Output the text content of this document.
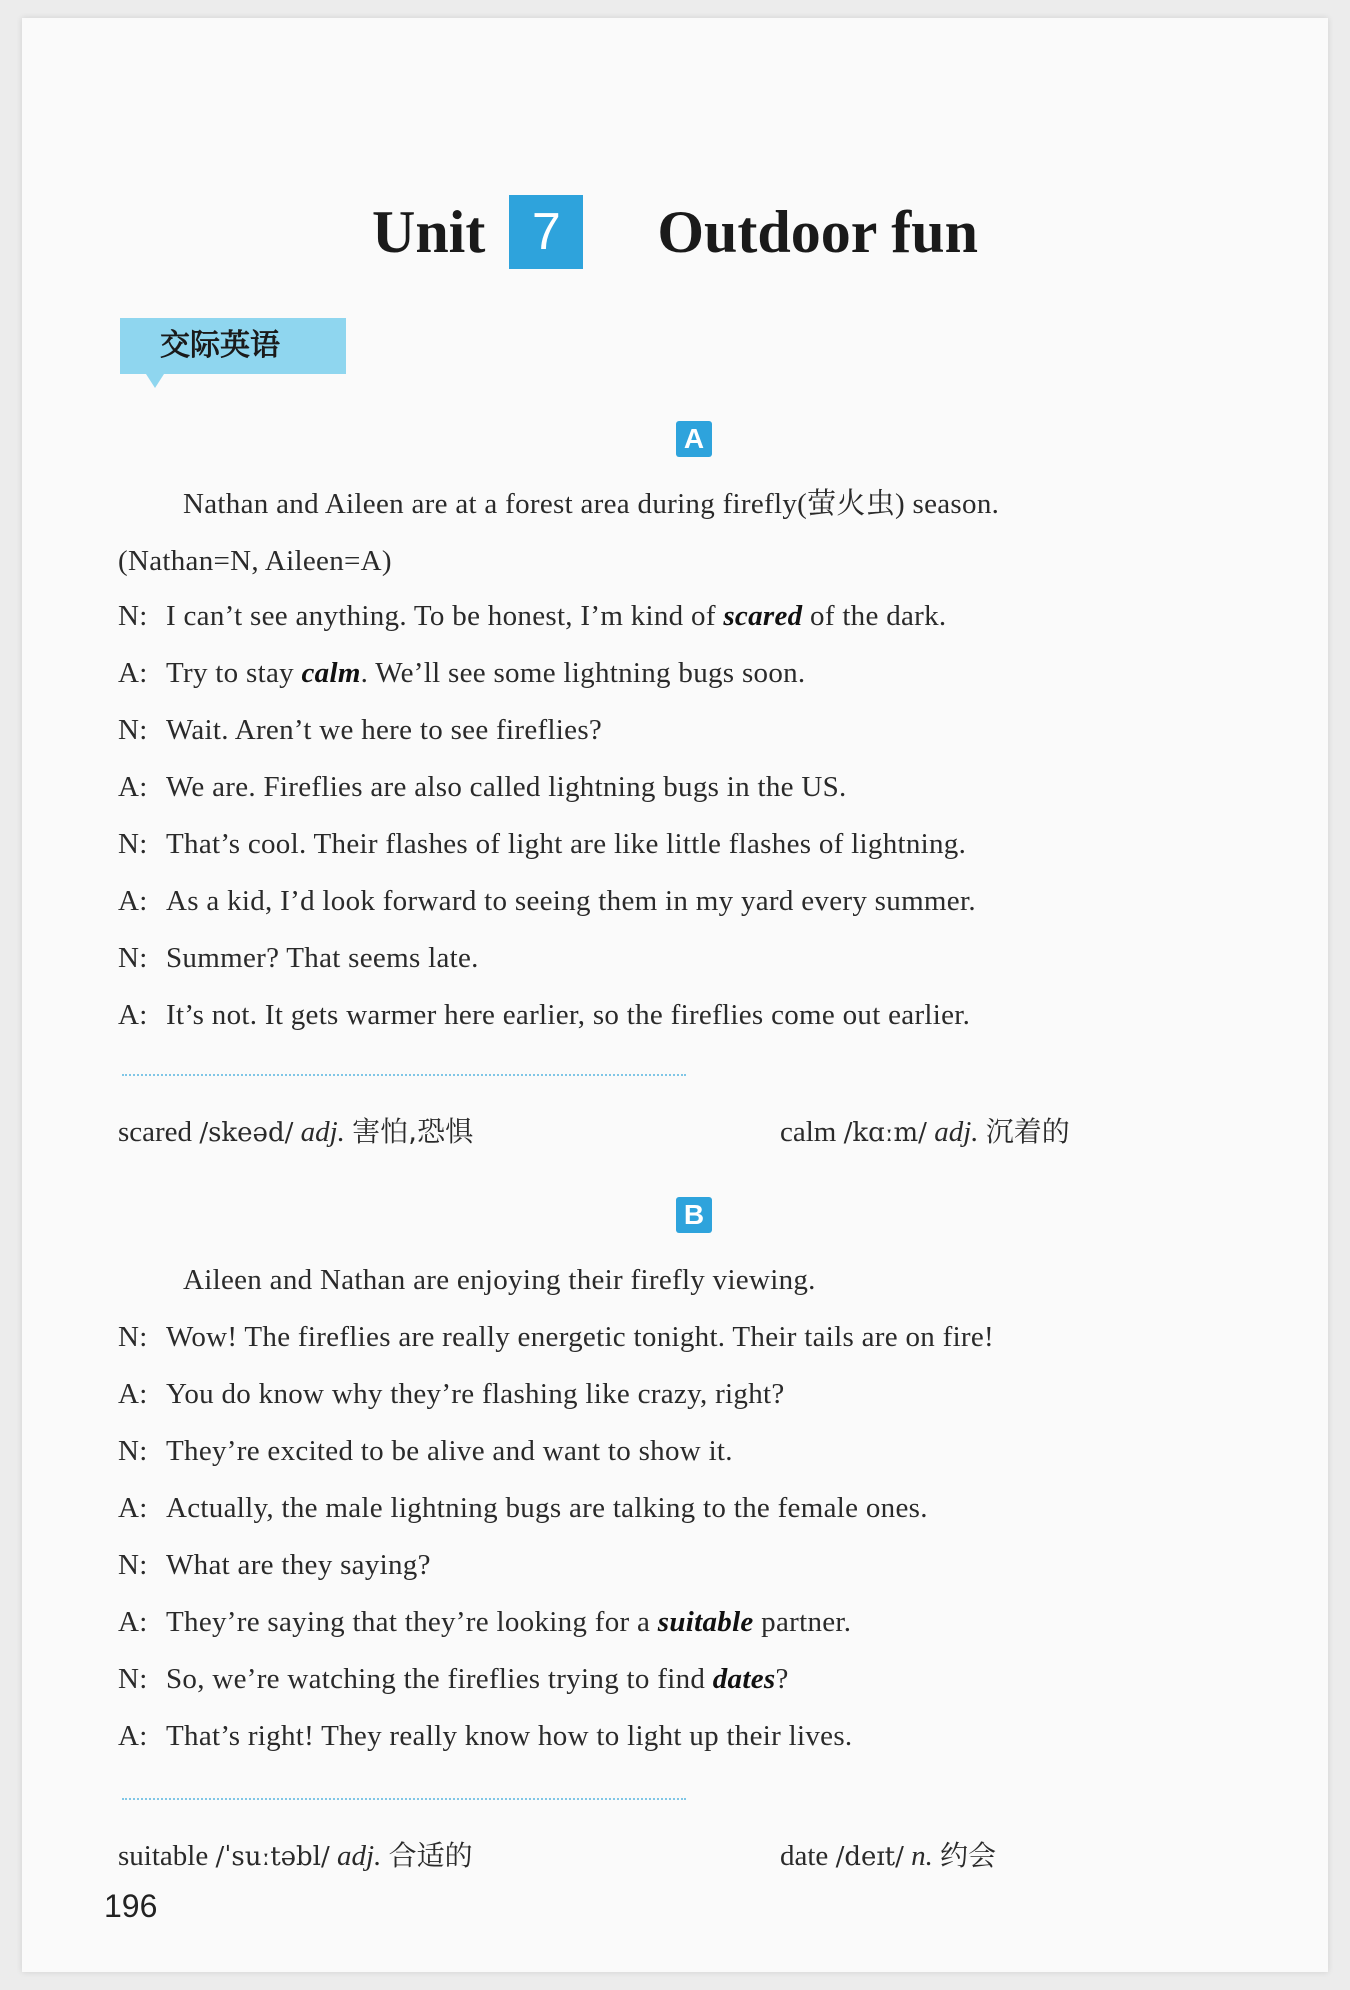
Unit 7	Outdoor fun
交际英语
A
Nathan and Aileen are at a forest area during firefly(萤火虫) season.
(Nathan=N, Aileen=A)
N: I can’t see anything. To be honest, I’m kind of scared of the dark.
A: Try to stay calm. We’ll see some lightning bugs soon.
N: Wait. Aren’t we here to see fireflies?
A: We are. Fireflies are also called lightning bugs in the US.
N: That’s cool. Their flashes of light are like little flashes of lightning.
A: As a kid, I’d look forward to seeing them in my yard every summer.
N: Summer? That seems late.
A: It’s not. It gets warmer here earlier, so the fireflies come out earlier.
scared /skeəd/ adj. 害怕,恐惧	calm /kɑːm/ adj. 沉着的
B
Aileen and Nathan are enjoying their firefly viewing.
N: Wow! The fireflies are really energetic tonight. Their tails are on fire!
A: You do know why they’re flashing like crazy, right?
N: They’re excited to be alive and want to show it.
A: Actually, the male lightning bugs are talking to the female ones.
N: What are they saying?
A: They’re saying that they’re looking for a suitable partner.
N: So, we’re watching the fireflies trying to find dates?
A: That’s right! They really know how to light up their lives.
suitable /ˈsuːtəbl/ adj. 合适的	date /deɪt/ n. 约会
196
